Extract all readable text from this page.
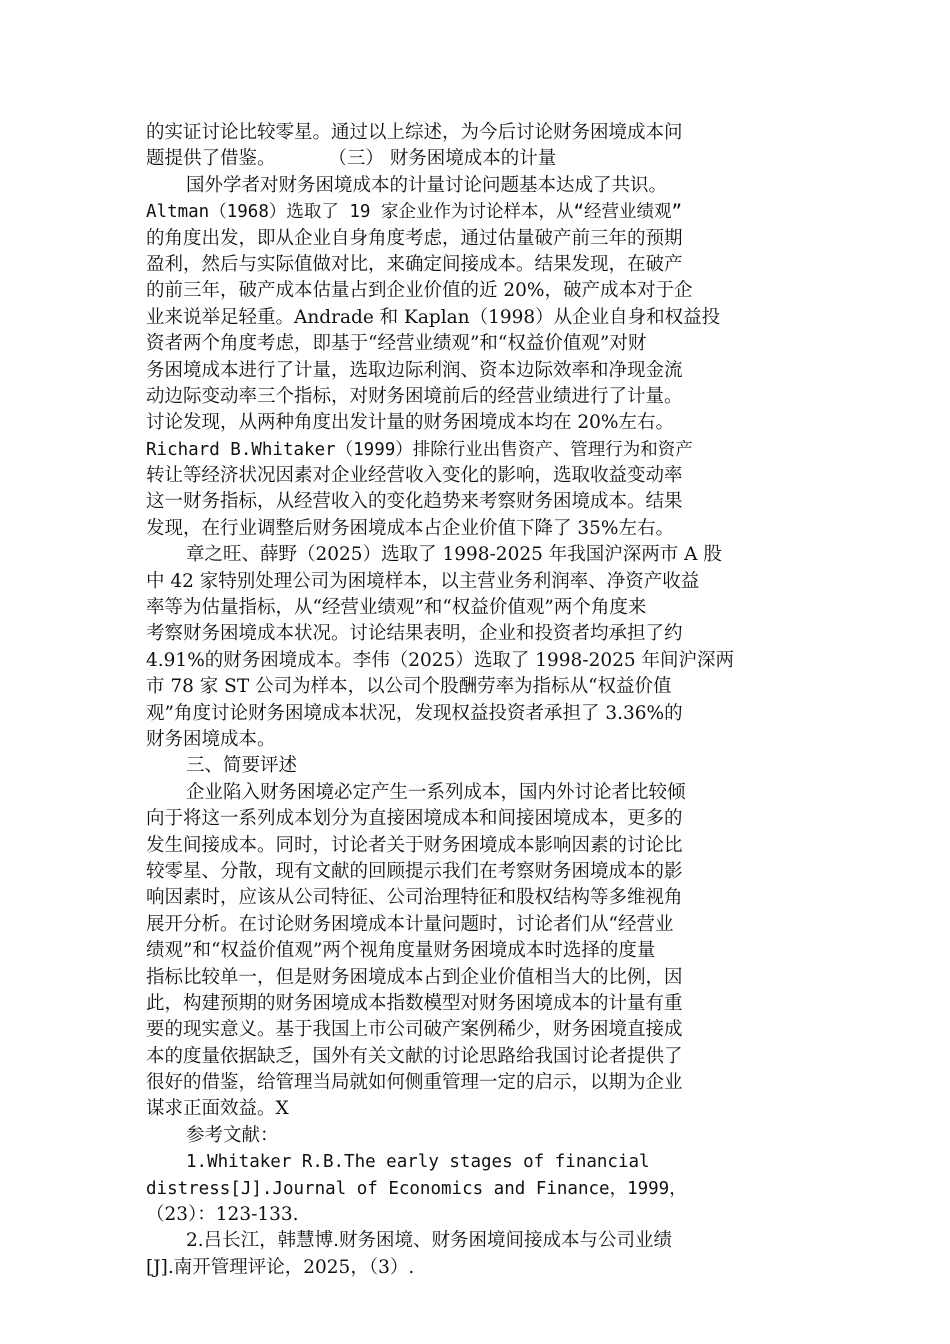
的实证讨论比较零星。通过以上综述，为今后讨论财务困境成本问
题提供了借鉴。         （三） 财务困境成本的计量
国外学者对财务困境成本的计量讨论问题基本达成了共识。
Altman（1968）选取了 19 家企业作为讨论样本，从“经营业绩观”
的角度出发，即从企业自身角度考虑，通过估量破产前三年的预期
盈利，然后与实际值做对比，来确定间接成本。结果发现，在破产
的前三年，破产成本估量占到企业价值的近 20%，破产成本对于企
业来说举足轻重。Andrade 和 Kaplan（1998）从企业自身和权益投
资者两个角度考虑，即基于“经营业绩观”和“权益价值观”对财
务困境成本进行了计量，选取边际利润、资本边际效率和净现金流
动边际变动率三个指标，对财务困境前后的经营业绩进行了计量。
讨论发现，从两种角度出发计量的财务困境成本均在 20%左右。
Richard B.Whitaker（1999）排除行业出售资产、管理行为和资产
转让等经济状况因素对企业经营收入变化的影响，选取收益变动率
这一财务指标，从经营收入的变化趋势来考察财务困境成本。结果
发现，在行业调整后财务困境成本占企业价值下降了 35%左右。
章之旺、薛野（2025）选取了 1998-2025 年我国沪深两市 A 股
中 42 家特别处理公司为困境样本，以主营业务利润率、净资产收益
率等为估量指标，从“经营业绩观”和“权益价值观”两个角度来
考察财务困境成本状况。讨论结果表明，企业和投资者均承担了约
4.91%的财务困境成本。李伟（2025）选取了 1998-2025 年间沪深两
市 78 家 ST 公司为样本，以公司个股酬劳率为指标从“权益价值
观”角度讨论财务困境成本状况，发现权益投资者承担了 3.36%的
财务困境成本。
三、简要评述
企业陷入财务困境必定产生一系列成本，国内外讨论者比较倾
向于将这一系列成本划分为直接困境成本和间接困境成本，更多的
发生间接成本。同时，讨论者关于财务困境成本影响因素的讨论比
较零星、分散，现有文献的回顾提示我们在考察财务困境成本的影
响因素时，应该从公司特征、公司治理特征和股权结构等多维视角
展开分析。在讨论财务困境成本计量问题时，讨论者们从“经营业
绩观”和“权益价值观”两个视角度量财务困境成本时选择的度量
指标比较单一，但是财务困境成本占到企业价值相当大的比例，因
此，构建预期的财务困境成本指数模型对财务困境成本的计量有重
要的现实意义。基于我国上市公司破产案例稀少，财务困境直接成
本的度量依据缺乏，国外有关文献的讨论思路给我国讨论者提供了
很好的借鉴，给管理当局就如何侧重管理一定的启示，以期为企业
谋求正面效益。X
参考文献：
1.Whitaker R.B.The early stages of financial
distress[J].Journal of Economics and Finance，1999，
（23）：123-133.
2.吕长江，韩慧博.财务困境、财务困境间接成本与公司业绩
[J].南开管理评论，2025，（3）.
